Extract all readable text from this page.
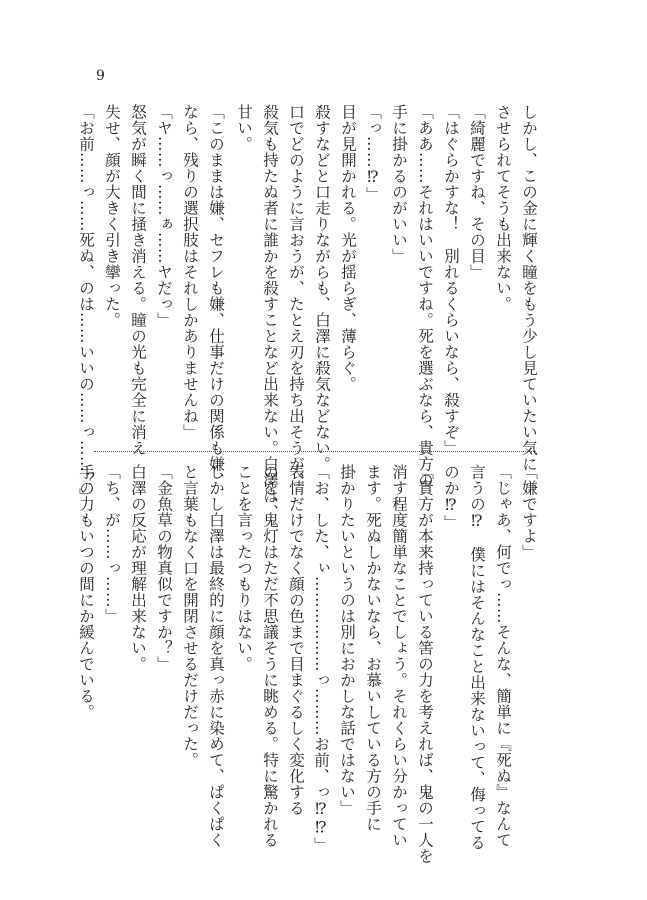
9
しかし、この金に輝く瞳をもう少し見ていたい気に
させられてそうも出来ない。
「綺麗ですね、その目」
「はぐらかすな！　別れるくらいなら、殺すぞ」
「ああ……それはいいですね。死を選ぶなら、貴方の
手に掛かるのがいい」
「っ……⁉」
目が見開かれる。光が揺らぎ、薄らぐ。
殺すなどと口走りながらも、白澤に殺気などない。
口でどのように言おうが、たとえ刃を持ち出そうが、
殺気も持たぬ者に誰かを殺すことなど出来ない。白澤は、
甘い。
「このままは嫌、セフレも嫌、仕事だけの関係も嫌、
なら、残りの選択肢はそれしかありませんね」
「ヤ……っ……ぁ……ヤだっ」
怒気が瞬く間に掻き消える。瞳の光も完全に消え
失せ、顔が大きく引き攣った。
「お前……っ……死ぬ、のは……いいの……っ……？」
「嫌ですよ」
「じゃあ、何でっ……そんな、簡単に『死ぬ』なんて
言うの⁉　僕にはそんなこと出来ないって、侮ってる
のか⁉」
「貴方が本来持っている筈の力を考えれば、鬼の一人を
消す程度簡単なことでしょう。それくらい分かってい
ます。死ぬしかないなら、お慕いしている方の手に
掛かりたいというのは別におかしな話ではない」
「お、した、ぃ………………っ………お前、っ⁉⁉」
表情だけでなく顔の色まで目まぐるしく変化する
のを、鬼灯はただ不思議そうに眺める。特に驚かれる
ことを言ったつもりはない。
しかし白澤は最終的に顔を真っ赤に染めて、ぱくぱく
と言葉もなく口を開閉させるだけだった。
「金魚草の物真似ですか？」
白澤の反応が理解出来ない。
「ち、が……っ……」
手の力もいつの間にか緩んでいる。
